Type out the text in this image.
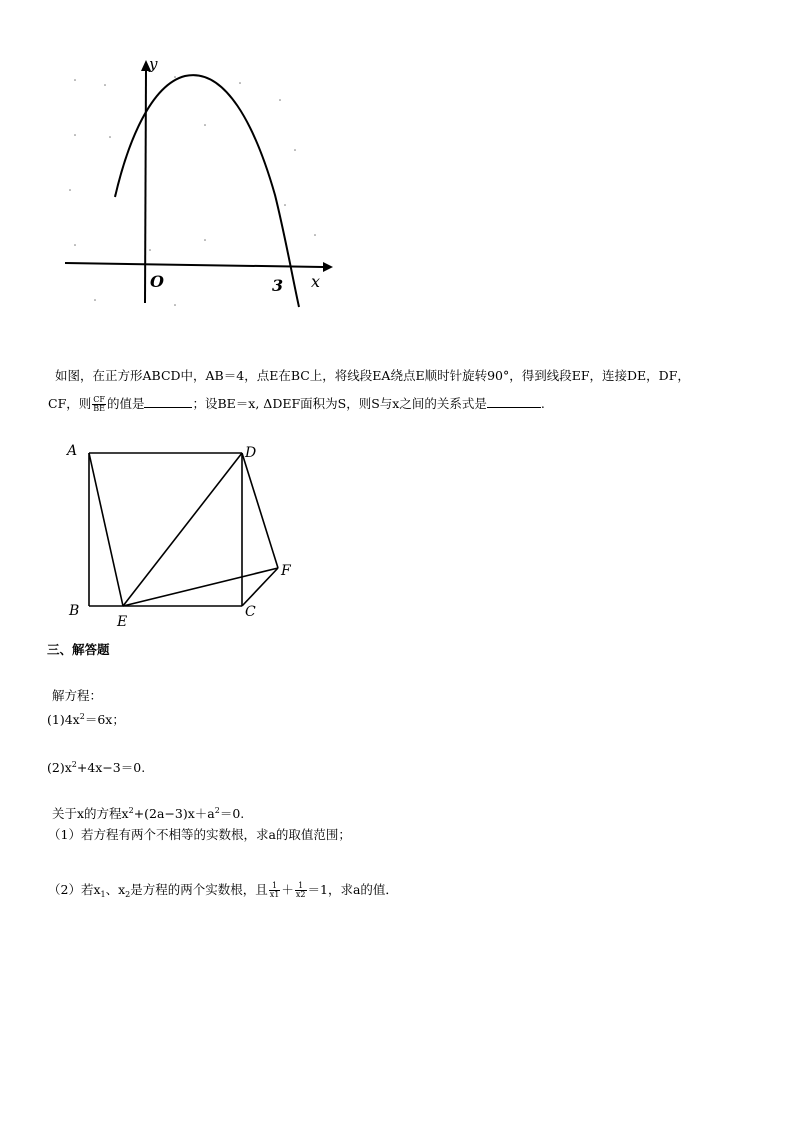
y
x
O	3
如图，在正方形ABCD中，AB＝4，点E在BC上，将线段EA绕点E顺时针旋转90°，得到线段EF，连接DE，DF，
CF，则 $\frac{CF}{BE}$ 的值是	；设BE＝x, ΔDEF面积为S，则S与x之间的关系式是	.
A	D
B
E
C
F
三、解答题
解方程：
$(1)4x^2=6x$；
$(2)x^2+4x-3=0$.
关于x的方程$x^2+(2a-3)x+a^2=0$.
（1）若方程有两个不相等的实数根，求a的取值范围；
（2）若$x_1$、$x_2$是方程的两个实数根，且 $\frac{1}{x1} + \frac{1}{x2} =1$，求a的值．
